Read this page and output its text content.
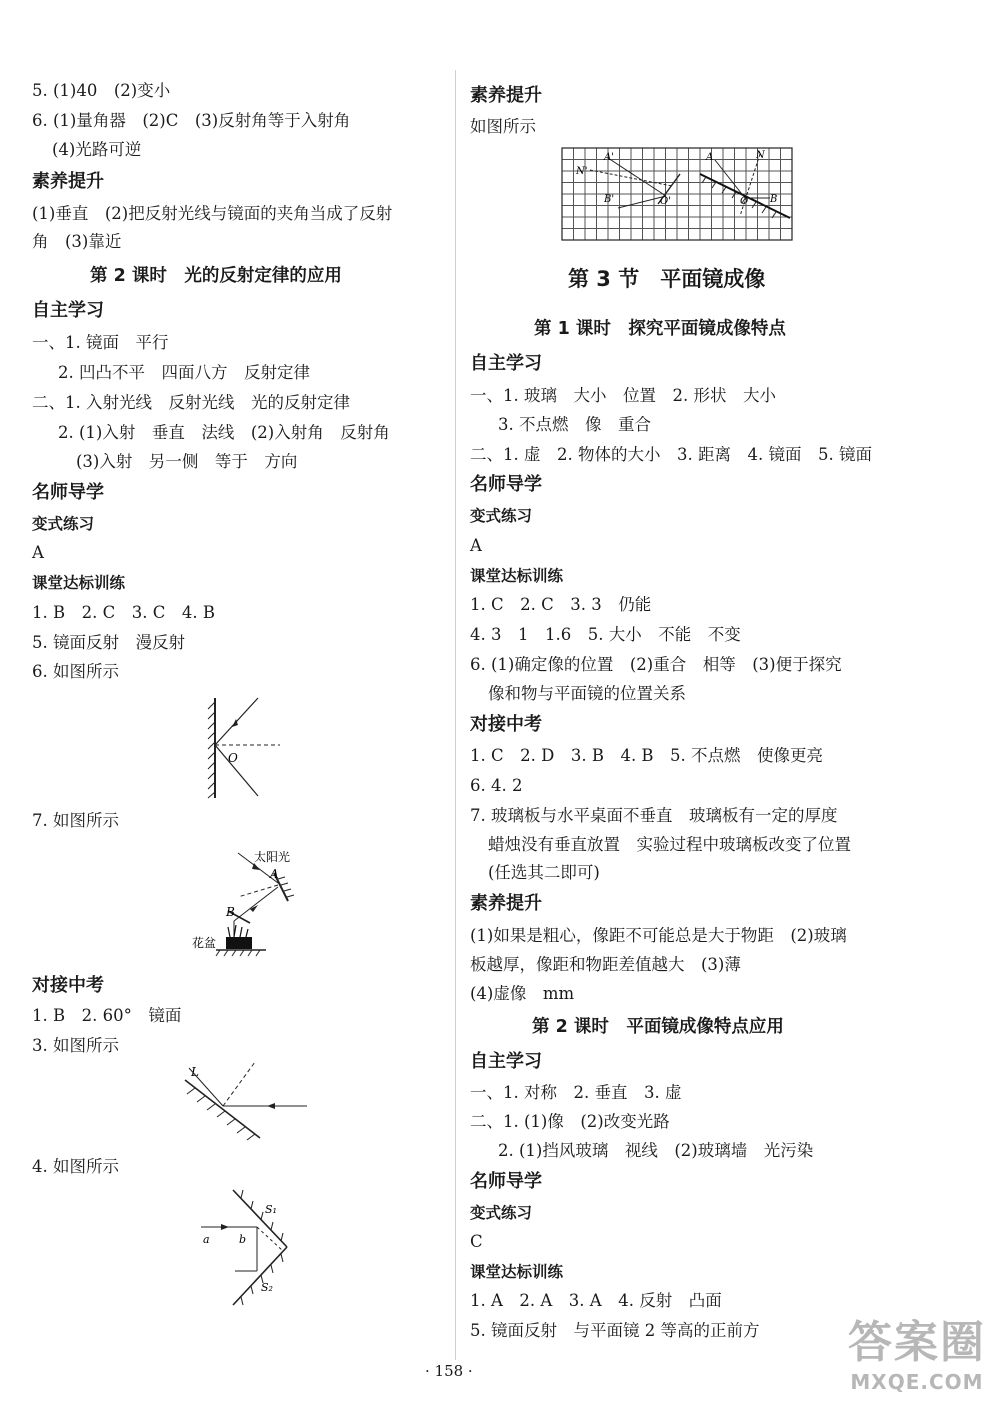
5. (1)40　(2)变小
6. (1)量角器　(2)C　(3)反射角等于入射角
(4)光路可逆
素养提升
(1)垂直　(2)把反射光线与镜面的夹角当成了反射
角　(3)靠近
第 2 课时　光的反射定律的应用
自主学习
一、1. 镜面　平行
2. 凹凸不平　四面八方　反射定律
二、1. 入射光线　反射光线　光的反射定律
2. (1)入射　垂直　法线　(2)入射角　反射角
(3)入射　另一侧　等于　方向
名师导学
变式练习
A
课堂达标训练
1. B　2. C　3. C　4. B
5. 镜面反射　漫反射
6. 如图所示
O
7. 如图所示
太阳光
A
B
花盆
对接中考
1. B　2. 60°　镜面
3. 如图所示
L
4. 如图所示
S₁
S₂
a	b
素养提升
如图所示
A'
N'
B'	O'
A	N
O B
第 3 节　平面镜成像
第 1 课时　探究平面镜成像特点
自主学习
一、1. 玻璃　大小　位置　2. 形状　大小
3. 不点燃　像　重合
二、1. 虚　2. 物体的大小　3. 距离　4. 镜面　5. 镜面
名师导学
变式练习
A
课堂达标训练
1. C　2. C　3. 3　仍能
4. 3　1　1.6　5. 大小　不能　不变
6. (1)确定像的位置　(2)重合　相等　(3)便于探究
像和物与平面镜的位置关系
对接中考
1. C　2. D　3. B　4. B　5. 不点燃　使像更亮
6. 4. 2
7. 玻璃板与水平桌面不垂直　玻璃板有一定的厚度
蜡烛没有垂直放置　实验过程中玻璃板改变了位置
(任选其二即可)
素养提升
(1)如果是粗心，像距不可能总是大于物距　(2)玻璃
板越厚，像距和物距差值越大　(3)薄
(4)虚像　mm
第 2 课时　平面镜成像特点应用
自主学习
一、1. 对称　2. 垂直　3. 虚
二、1. (1)像　(2)改变光路
2. (1)挡风玻璃　视线　(2)玻璃墙　光污染
名师导学
变式练习
C
课堂达标训练
1. A　2. A　3. A　4. 反射　凸面
5. 镜面反射　与平面镜 2 等高的正前方
· 158 ·
答案圈
MXQE.COM
